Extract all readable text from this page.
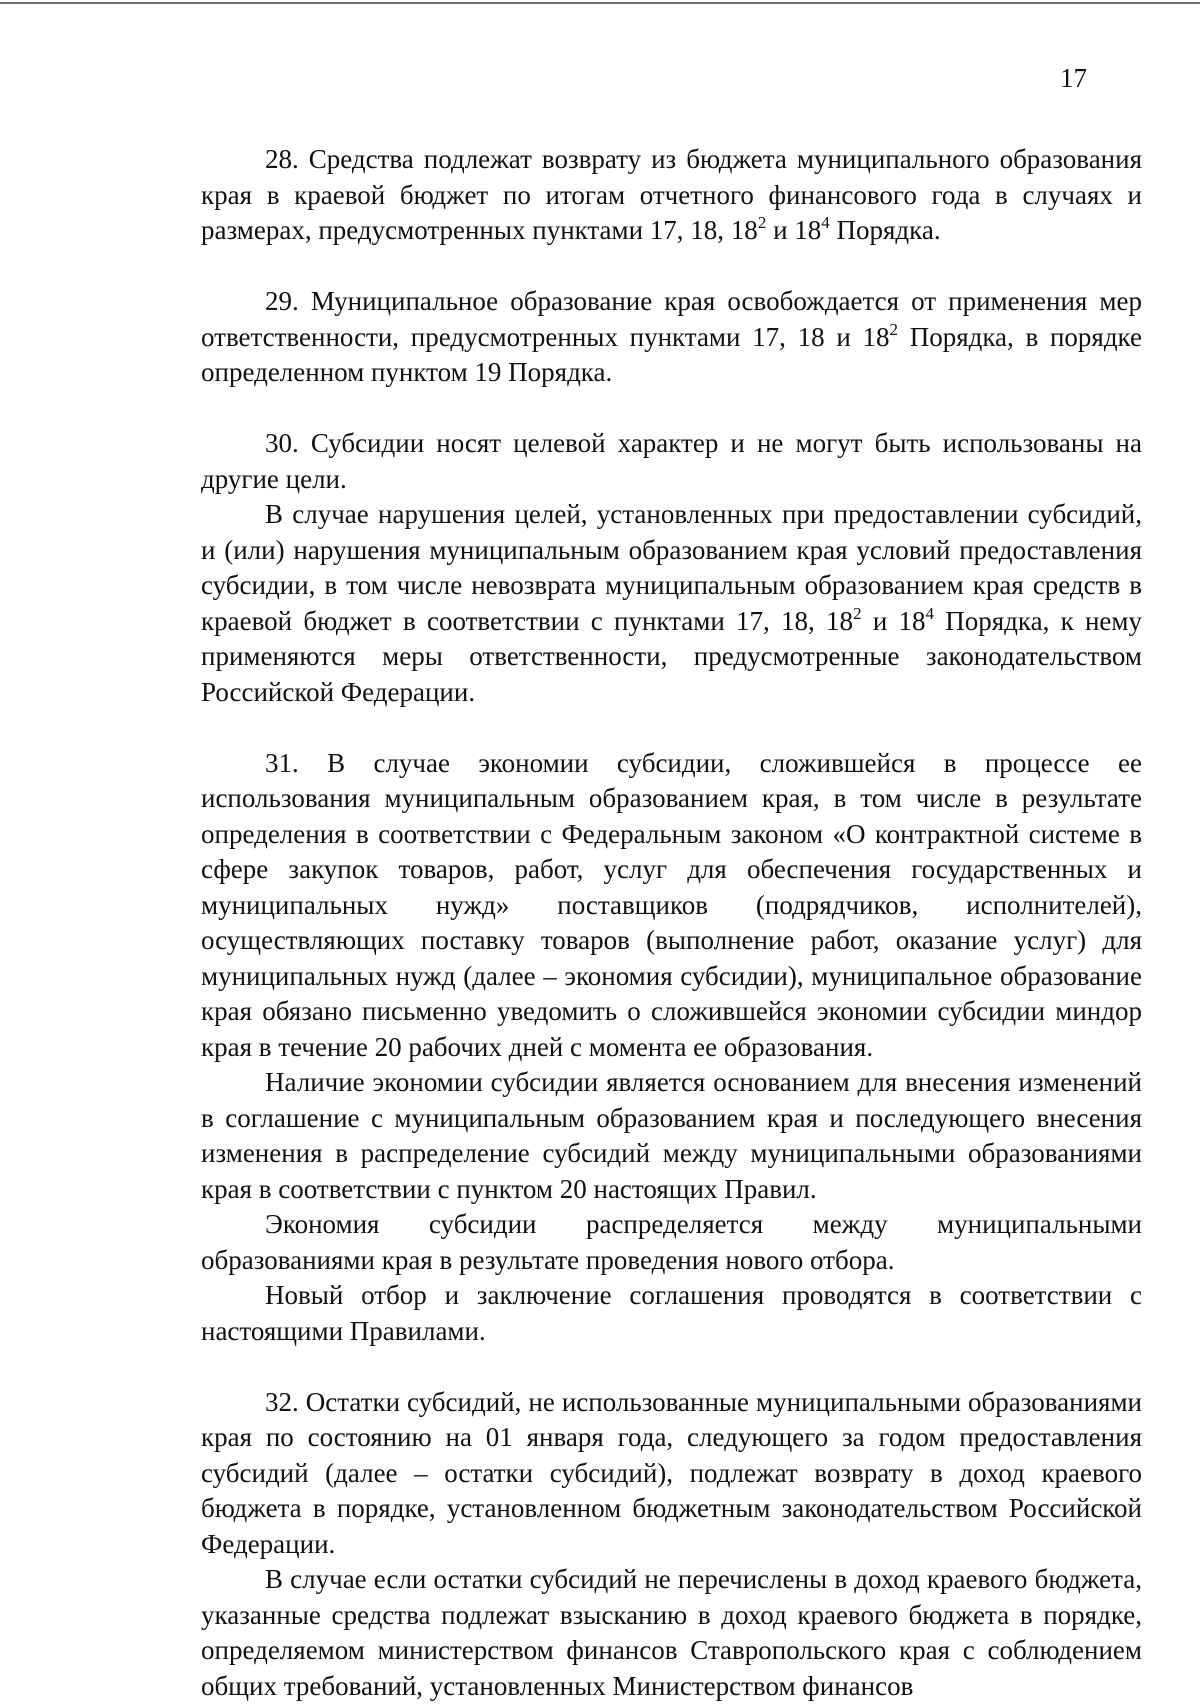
17

28. Средства подлежат возврату из бюджета муниципального образования края в краевой бюджет по итогам отчетного финансового года в случаях и размерах, предусмотренных пунктами 17, 18, $18^2$ и $18^4$ Порядка.

29. Муниципальное образование края освобождается от применения мер ответственности, предусмотренных пунктами 17, 18 и $18^2$ Порядка, в порядке определенном пунктом 19 Порядка.

30. Субсидии носят целевой характер и не могут быть использованы на другие цели.

В случае нарушения целей, установленных при предоставлении субсидий, и (или) нарушения муниципальным образованием края условий предоставления субсидии, в том числе невозврата муниципальным образованием края средств в краевой бюджет в соответствии с пунктами 17, 18, $18^2$ и $18^4$ Порядка, к нему применяются меры ответственности, предусмотренные законодательством Российской Федерации.

31. В случае экономии субсидии, сложившейся в процессе ее использования муниципальным образованием края, в том числе в результате определения в соответствии с Федеральным законом «О контрактной системе в сфере закупок товаров, работ, услуг для обеспечения государственных и муниципальных нужд» поставщиков (подрядчиков, исполнителей), осуществляющих поставку товаров (выполнение работ, оказание услуг) для муниципальных нужд (далее – экономия субсидии), муниципальное образование края обязано письменно уведомить о сложившейся экономии субсидии миндор края в течение 20 рабочих дней с момента ее образования.

Наличие экономии субсидии является основанием для внесения изменений в соглашение с муниципальным образованием края и последующего внесения изменения в распределение субсидий между муниципальными образованиями края в соответствии с пунктом 20 настоящих Правил.

Экономия субсидии распределяется между муниципальными образованиями края в результате проведения нового отбора.

Новый отбор и заключение соглашения проводятся в соответствии с настоящими Правилами.

32. Остатки субсидий, не использованные муниципальными образованиями края по состоянию на 01 января года, следующего за годом предоставления субсидий (далее – остатки субсидий), подлежат возврату в доход краевого бюджета в порядке, установленном бюджетным законодательством Российской Федерации.

В случае если остатки субсидий не перечислены в доход краевого бюджета, указанные средства подлежат взысканию в доход краевого бюджета в порядке, определяемом министерством финансов Ставропольского края с соблюдением общих требований, установленных Министерством финансов
